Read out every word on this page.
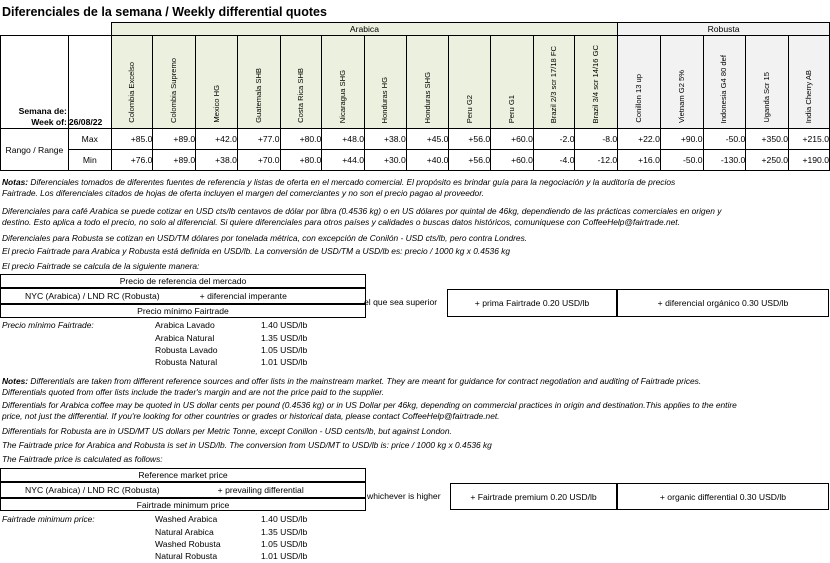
Diferenciales de la semana / Weekly differential quotes
		Arabica												Robusta				

Semana de:
Week of:	26/08/22	Colombia Excelso	Colombia Supremo	Mexico HG	Guatemala SHB	Costa Rica SHB	Nicaragua SHG	Honduras HG	Honduras SHG	Peru G2	Peru G1	Brazil 2/3 scr 17/18 FC	Brazil 3/4 scr 14/16 GC	Conillon 13 up	Vietnam G2 5%	Indonesia G4 80 def	Uganda Scr 15	India Cherry AB
Rango / Range	Max	+85.0	+89.0	+42.0	+77.0	+80.0	+48.0	+38.0	+45.0	+56.0	+60.0	-2.0	-8.0	+22.0	+90.0	-50.0	+350.0	+215.0
	Min	+76.0	+89.0	+38.0	+70.0	+80.0	+44.0	+30.0	+40.0	+56.0	+60.0	-4.0	-12.0	+16.0	-50.0	-130.0	+250.0	+190.0
Notas: Diferenciales tomados de diferentes fuentes de referencia y listas de oferta en el mercado comercial. El propósito es brindar guía para la negociación y la auditoría de precios
Fairtrade. Los diferenciales citados de hojas de oferta incluyen el margen del comerciantes y no son el precio pagao al proveedor.
Diferenciales para café Arabica se puede cotizar en USD cts/lb centavos de dólar por libra (0.4536 kg) o en US dólares por quintal de 46kg, dependiendo de las prácticas comerciales en origen y
destino. Esto aplica a todo el precio, no solo al diferencial. Si quiere diferenciales para otros países y calidades o buscas datos históricos, comuniquese con CoffeeHelp@fairtrade.net.
Diferenciales para Robusta se cotizan en USD/TM dólares por tonelada métrica, con excepción de Conilón - USD cts/lb, pero contra Londres.
El precio Fairtrade para Arabica y Robusta está definida en USD/lb. La conversión de USD/TM a USD/lb es: precio / 1000 kg x 0.4536 kg
El precio Fairtrade se calcula de la siguiente manera:
Precio de referencia del mercado
NYC (Arabica) / LND RC (Robusta)	+ diferencial imperante
Precio mínimo Fairtrade
el que sea superior	+ prima Fairtrade 0.20 USD/lb	+ diferencial orgánico 0.30 USD/lb
Precio mínimo Fairtrade:	Arabica Lavado	1.40 USD/lb
Arabica Natural	1.35 USD/lb
Robusta Lavado	1.05 USD/lb
Robusta Natural	1.01 USD/lb
Notes: Differentials are taken from different reference sources and offer lists in the mainstream market. They are meant for guidance for contract negotiation and auditing of Fairtrade prices.
Differentials quoted from offer lists include the trader's margin and are not the price paid to the supplier.
Differentials for Arabica coffee may be quoted in US dollar cents per pound (0.4536 kg) or in US Dollar per 46kg, depending on commercial practices in origin and destination.This applies to the entire
price, not just the differential. If you're looking for other countries or grades or historical data, please contact CoffeeHelp@fairtrade.net.
Differentials for Robusta are in USD/MT US dollars per Metric Tonne, except Conillon - USD cents/lb, but against London.
The Fairtrade price for Arabica and Robusta is set in USD/lb. The conversion from USD/MT to USD/lb is: price / 1000 kg x 0.4536 kg
The Fairtrade price is calculated as follows:
Reference market price
NYC (Arabica) / LND RC (Robusta)	+ prevailing differential
Fairtrade minimum price
whichever is higher	+ Fairtrade premium 0.20 USD/lb	+ organic differential 0.30 USD/lb
Fairtrade minimum price:	Washed Arabica	1.40 USD/lb
Natural Arabica	1.35 USD/lb
Washed Robusta	1.05 USD/lb
Natural Robusta	1.01 USD/lb
